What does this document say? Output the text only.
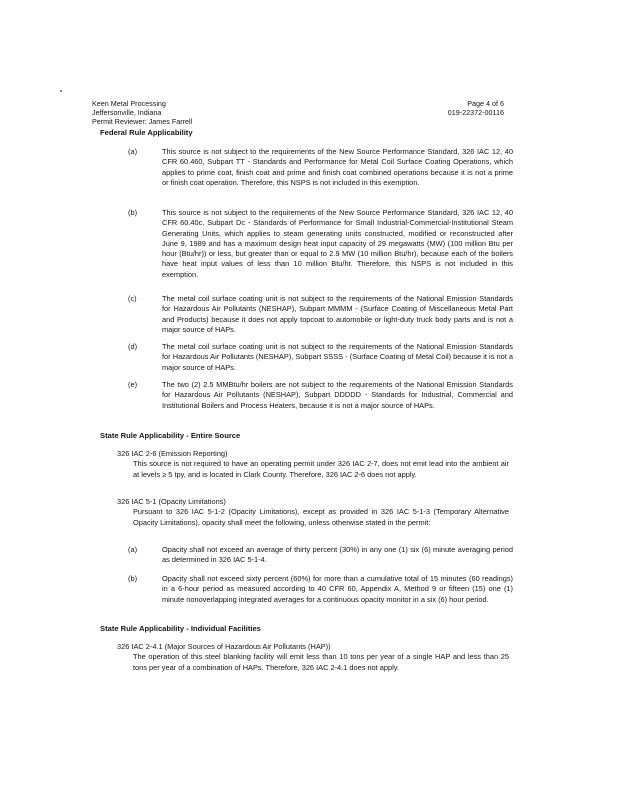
Keen Metal Processing
Jeffersonville, Indiana
Permit Reviewer: James Farrell
Page 4 of 6
019-22372-00116
Federal Rule Applicability
(a)	This source is not subject to the requirements of the New Source Performance Standard, 326 IAC 12, 40 CFR 60.460, Subpart TT - Standards and Performance for Metal Coil Surface Coating Operations, which applies to prime coat, finish coat and prime and finish coat combined operations because it is not a prime or finish coat operation. Therefore, this NSPS is not included in this exemption.
(b)	This source is not subject to the requirements of the New Source Performance Standard, 326 IAC 12, 40 CFR 60.40c, Subpart Dc - Standards of Performance for Small Industrial-Commercial-Institutional Steam Generating Units, which applies to steam generating units constructed, modified or reconstructed after June 9, 1989 and has a maximum design heat input capacity of 29 megawatts (MW) (100 million Btu per hour (Btu/hr)) or less, but greater than or equal to 2.9 MW (10 million Btu/hr), because each of the boilers have heat input values of less than 10 million Btu/hr. Therefore, this NSPS is not included in this exemption.
(c)	The metal coil surface coating unit is not subject to the requirements of the National Emission Standards for Hazardous Air Pollutants (NESHAP), Subpart MMMM - (Surface Coating of Miscellaneous Metal Part and Products) because it does not apply topcoat to automobile or light-duty truck body parts and is not a major source of HAPs.
(d)	The metal coil surface coating unit is not subject to the requirements of the National Emission Standards for Hazardous Air Pollutants (NESHAP), Subpart SSSS - (Surface Coating of Metal Coil) because it is not a major source of HAPs.
(e)	The two (2) 2.5 MMBtu/hr boilers are not subject to the requirements of the National Emission Standards for Hazardous Air Pollutants (NESHAP), Subpart DDDDD - Standards for Industrial, Commercial and Institutional Boilers and Process Heaters, because it is not a major source of HAPs.
State Rule Applicability - Entire Source
326 IAC 2-6 (Emission Reporting)
This source is not required to have an operating permit under 326 IAC 2-7, does not emit lead into the ambient air at levels ≥ 5 tpy, and is located in Clark County. Therefore, 326 IAC 2-6 does not apply.
326 IAC 5-1 (Opacity Limitations)
Pursuant to 326 IAC 5-1-2 (Opacity Limitations), except as provided in 326 IAC 5-1-3 (Temporary Alternative Opacity Limitations), opacity shall meet the following, unless otherwise stated in the permit:
(a)	Opacity shall not exceed an average of thirty percent (30%) in any one (1) six (6) minute averaging period as determined in 326 IAC 5-1-4.
(b)	Opacity shall not exceed sixty percent (60%) for more than a cumulative total of 15 minutes (60 readings) in a 6-hour period as measured according to 40 CFR 60, Appendix A, Method 9 or fifteen (15) one (1) minute nonoverlapping integrated averages for a continuous opacity monitor in a six (6) hour period.
State Rule Applicability - Individual Facilities
326 IAC 2-4.1 (Major Sources of Hazardous Air Pollutants (HAP))
The operation of this steel blanking facility will emit less than 10 tons per year of a single HAP and less than 25 tons per year of a combination of HAPs. Therefore, 326 IAC 2-4.1 does not apply.
